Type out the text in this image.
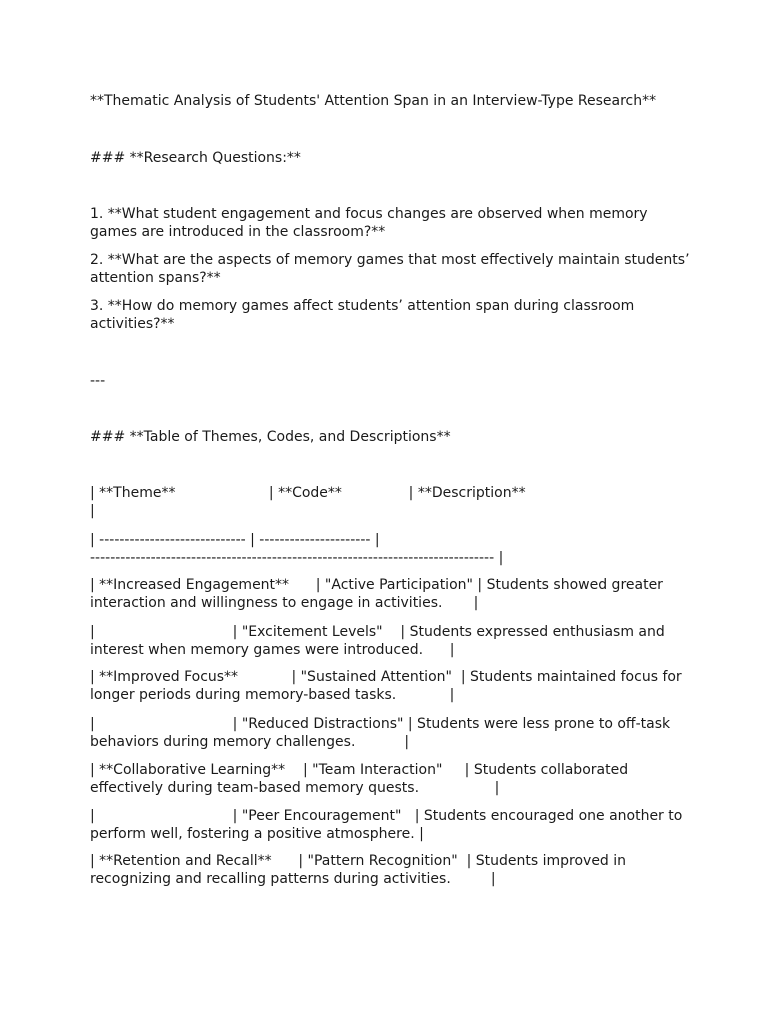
**Thematic Analysis of Students' Attention Span in an Interview-Type Research**

### **Research Questions:**

1. **What student engagement and focus changes are observed when memory games are introduced in the classroom?**

2. **What are the aspects of memory games that most effectively maintain students’ attention spans?**

3. **How do memory games affect students’ attention span during classroom activities?**

---

### **Table of Themes, Codes, and Descriptions**

| **Theme**                     | **Code**               | **Description**
|

| ----------------------------- | ---------------------- |
-------------------------------------------------------------------------------- |

| **Increased Engagement**      | "Active Participation" | Students showed greater interaction and willingness to engage in activities.       |

|                               | "Excitement Levels"    | Students expressed enthusiasm and interest when memory games were introduced.      |

| **Improved Focus**            | "Sustained Attention"  | Students maintained focus for longer periods during memory-based tasks.            |

|                               | "Reduced Distractions" | Students were less prone to off-task behaviors during memory challenges.           |

| **Collaborative Learning**    | "Team Interaction"     | Students collaborated effectively during team-based memory quests.                 |

|                               | "Peer Encouragement"   | Students encouraged one another to perform well, fostering a positive atmosphere. |

| **Retention and Recall**      | "Pattern Recognition"  | Students improved in recognizing and recalling patterns during activities.         |
